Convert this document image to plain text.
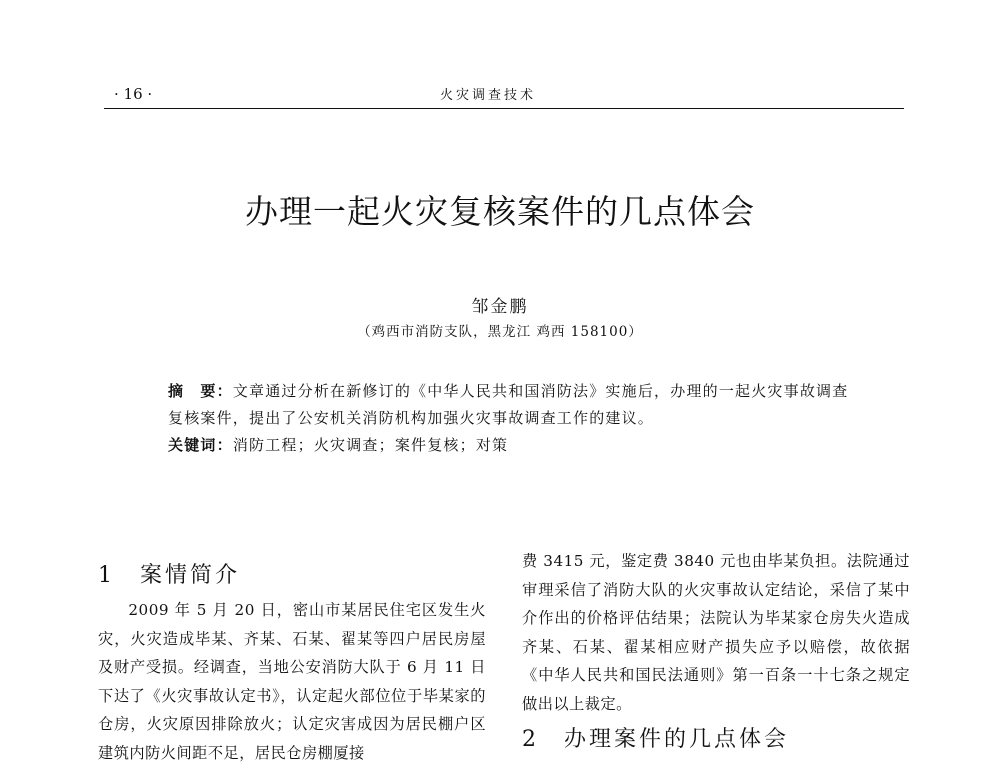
· 16 ·	火灾调查技术
办理一起火灾复核案件的几点体会
邹金鹏
（鸡西市消防支队，黑龙江 鸡西 158100）

摘　要：文章通过分析在新修订的《中华人民共和国消防法》实施后，办理的一起火灾事故调查复核案件，提出了公安机关消防机构加强火灾事故调查工作的建议。

关键词：消防工程；火灾调查；案件复核；对策

1　案情简介

2009 年 5 月 20 日，密山市某居民住宅区发生火灾，火灾造成毕某、齐某、石某、翟某等四户居民房屋及财产受损。经调查，当地公安消防大队于 6 月 11 日下达了《火灾事故认定书》，认定起火部位位于毕某家的仓房，火灾原因排除放火；认定灾害成因为居民棚户区建筑内防火间距不足，居民仓房棚厦接

费 3415 元，鉴定费 3840 元也由毕某负担。法院通过审理采信了消防大队的火灾事故认定结论，采信了某中介作出的价格评估结果；法院认为毕某家仓房失火造成齐某、石某、翟某相应财产损失应予以赔偿，故依据《中华人民共和国民法通则》第一百条一十七条之规定做出以上裁定。

2　办理案件的几点体会
